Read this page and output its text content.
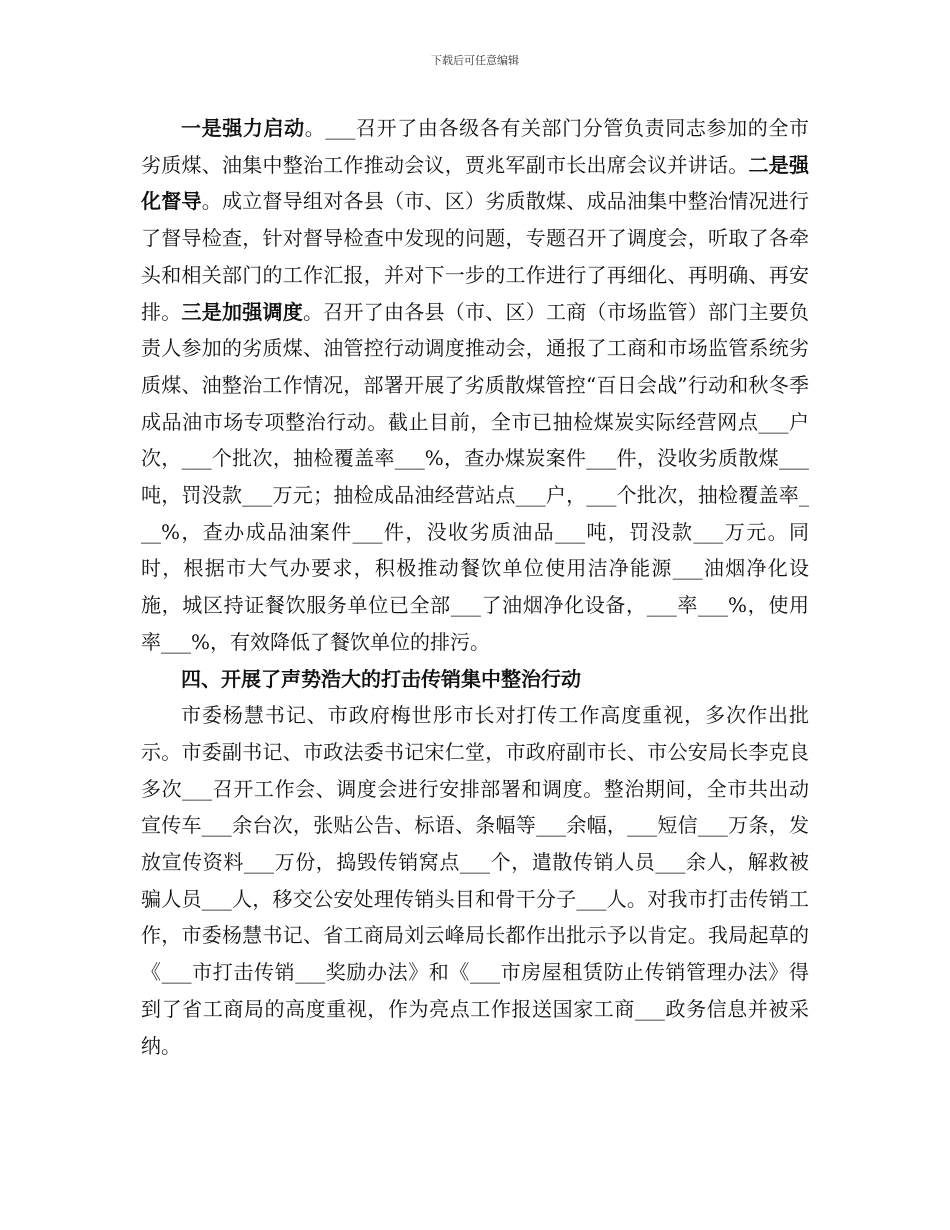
下载后可任意编辑

一是强力启动。___召开了由各级各有关部门分管负责同志参加的全市劣质煤、油集中整治工作推动会议，贾兆军副市长出席会议并讲话。二是强化督导。成立督导组对各县（市、区）劣质散煤、成品油集中整治情况进行了督导检查，针对督导检查中发现的问题，专题召开了调度会，听取了各牵头和相关部门的工作汇报，并对下一步的工作进行了再细化、再明确、再安排。三是加强调度。召开了由各县（市、区）工商（市场监管）部门主要负责人参加的劣质煤、油管控行动调度推动会，通报了工商和市场监管系统劣质煤、油整治工作情况，部署开展了劣质散煤管控“百日会战”行动和秋冬季成品油市场专项整治行动。截止目前，全市已抽检煤炭实际经营网点___户次，___个批次，抽检覆盖率___%，查办煤炭案件___件，没收劣质散煤___吨，罚没款___万元；抽检成品油经营站点___户，___个批次，抽检覆盖率___%，查办成品油案件___件，没收劣质油品___吨，罚没款___万元。同时，根据市大气办要求，积极推动餐饮单位使用洁净能源___油烟净化设施，城区持证餐饮服务单位已全部___了油烟净化设备，___率___%，使用率___%，有效降低了餐饮单位的排污。

四、开展了声势浩大的打击传销集中整治行动

市委杨慧书记、市政府梅世彤市长对打传工作高度重视，多次作出批示。市委副书记、市政法委书记宋仁堂，市政府副市长、市公安局长李克良多次___召开工作会、调度会进行安排部署和调度。整治期间，全市共出动宣传车___余台次，张贴公告、标语、条幅等___余幅，___短信___万条，发放宣传资料___万份，捣毁传销窝点___个，遣散传销人员___余人，解救被骗人员___人，移交公安处理传销头目和骨干分子___人。对我市打击传销工作，市委杨慧书记、省工商局刘云峰局长都作出批示予以肯定。我局起草的《___市打击传销___奖励办法》和《___市房屋租赁防止传销管理办法》得到了省工商局的高度重视，作为亮点工作报送国家工商___政务信息并被采纳。
